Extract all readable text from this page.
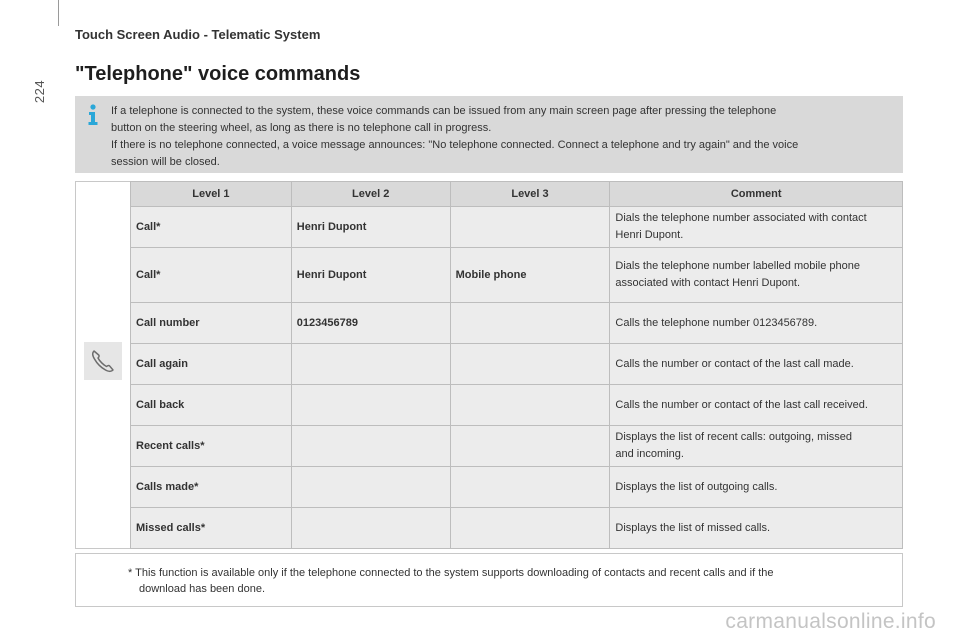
224
Touch Screen Audio - Telematic System
"Telephone" voice commands

If a telephone is connected to the system, these voice commands can be issued from any main screen page after pressing the telephone

button on the steering wheel, as long as there is no telephone call in progress.

If there is no telephone connected, a voice message announces: "No telephone connected. Connect a telephone and try again" and the voice

session will be closed.

Level 1	Level 2	Level 3	Comment
Call*	Henri Dupont		Dials the telephone number associated with contact
Henri Dupont.
Call*	Henri Dupont	Mobile phone	Dials the telephone number labelled mobile phone
associated with contact Henri Dupont.
Call number	0123456789		Calls the telephone number 0123456789.
Call again			Calls the number or contact of the last call made.
Call back			Calls the number or contact of the last call received.
Recent calls*			Displays the list of recent calls: outgoing, missed
and incoming.
Calls made*			Displays the list of outgoing calls.
Missed calls*			Displays the list of missed calls.
* This function is available only if the telephone connected to the system supports downloading of contacts and recent calls and if the
download has been done.
carmanualsonline.info
